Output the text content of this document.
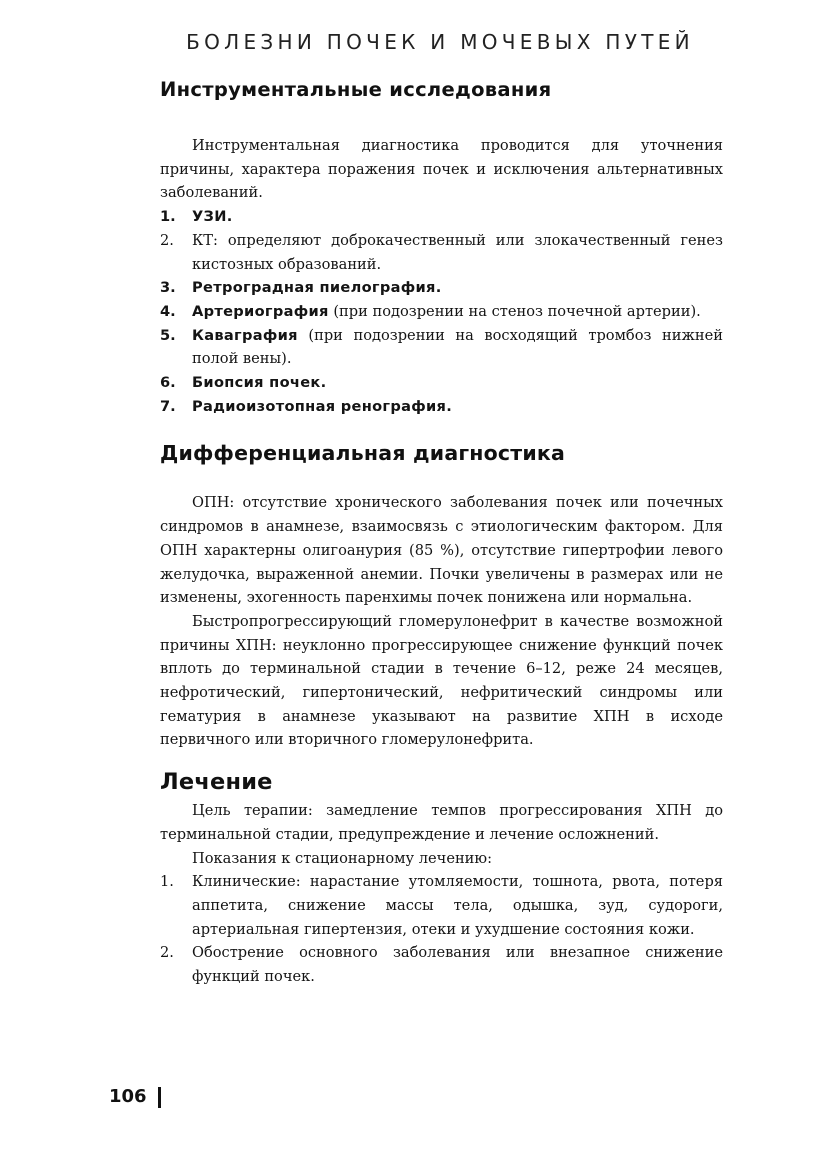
БОЛЕЗНИ ПОЧЕК И МОЧЕВЫХ ПУТЕЙ
Инструментальные исследования

Инструментальная диагностика проводится для уточнения причины, характера поражения почек и исключения альтернативных заболеваний.

1. УЗИ.
2. КТ: определяют доброкачественный или злокачественный генез кистозных образований.
3. Ретроградная пиелография.
4. Артериография (при подозрении на стеноз почечной артерии).
5. Каваграфия (при подозрении на восходящий тромбоз нижней полой вены).
6. Биопсия почек.
7. Радиоизотопная ренография.
Дифференциальная диагностика

ОПН: отсутствие хронического заболевания почек или почечных синдромов в анамнезе, взаимосвязь с этиологическим фактором. Для ОПН характерны олигоанурия (85 %), отсутствие гипертрофии левого желудочка, выраженной анемии. Почки увеличены в размерах или не изменены, эхогенность паренхимы почек понижена или нормальна.

Быстропрогрессирующий гломерулонефрит в качестве возможной причины ХПН: неуклонно прогрессирующее снижение функций почек вплоть до терминальной стадии в течение 6–12, реже 24 месяцев, нефротический, гипертонический, нефритический синдромы или гематурия в анамнезе указывают на развитие ХПН в исходе первичного или вторичного гломерулонефрита.

Лечение

Цель терапии: замедление темпов прогрессирования ХПН до терминальной стадии, предупреждение и лечение осложнений.

Показания к стационарному лечению:

1. Клинические: нарастание утомляемости, тошнота, рвота, потеря аппетита, снижение массы тела, одышка, зуд, судороги, артериальная гипертензия, отеки и ухудшение состояния кожи.
2. Обострение основного заболевания или внезапное снижение функций почек.
106
